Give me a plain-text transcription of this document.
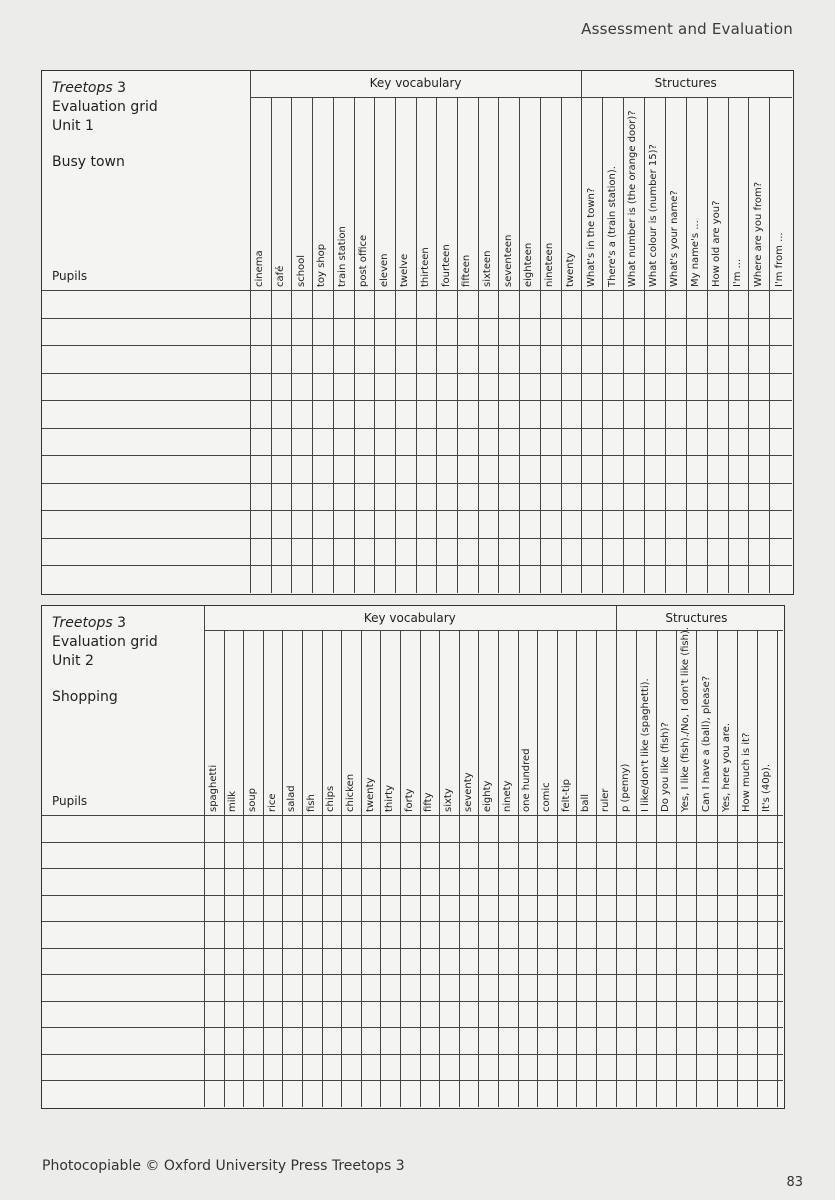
Assessment and Evaluation
Treetops 3
Evaluation grid
Unit 1
Busy town
Pupils
Key vocabulary	Structures
cinema café school toy shop train station post office eleven twelve thirteen fourteen fifteen sixteen seventeen eighteen nineteen twenty What's in the town? There's a (train station). What number is (the orange door)? What colour is (number 15)? What's your name? My name's ... How old are you? I'm ... Where are you from? I'm from ...
Treetops 3
Evaluation grid
Unit 2
Shopping
Pupils
Key vocabulary	Structures
spaghetti milk soup rice salad fish chips chicken twenty thirty forty fifty sixty seventy eighty ninety one hundred comic felt-tip ball ruler p (penny) I like/don't like (spaghetti). Do you like (fish)? Yes, I like (fish)./No, I don't like (fish). Can I have a (ball), please? Yes, here you are. How much is it? It's (40p).
Photocopiable © Oxford University Press Treetops 3
83
